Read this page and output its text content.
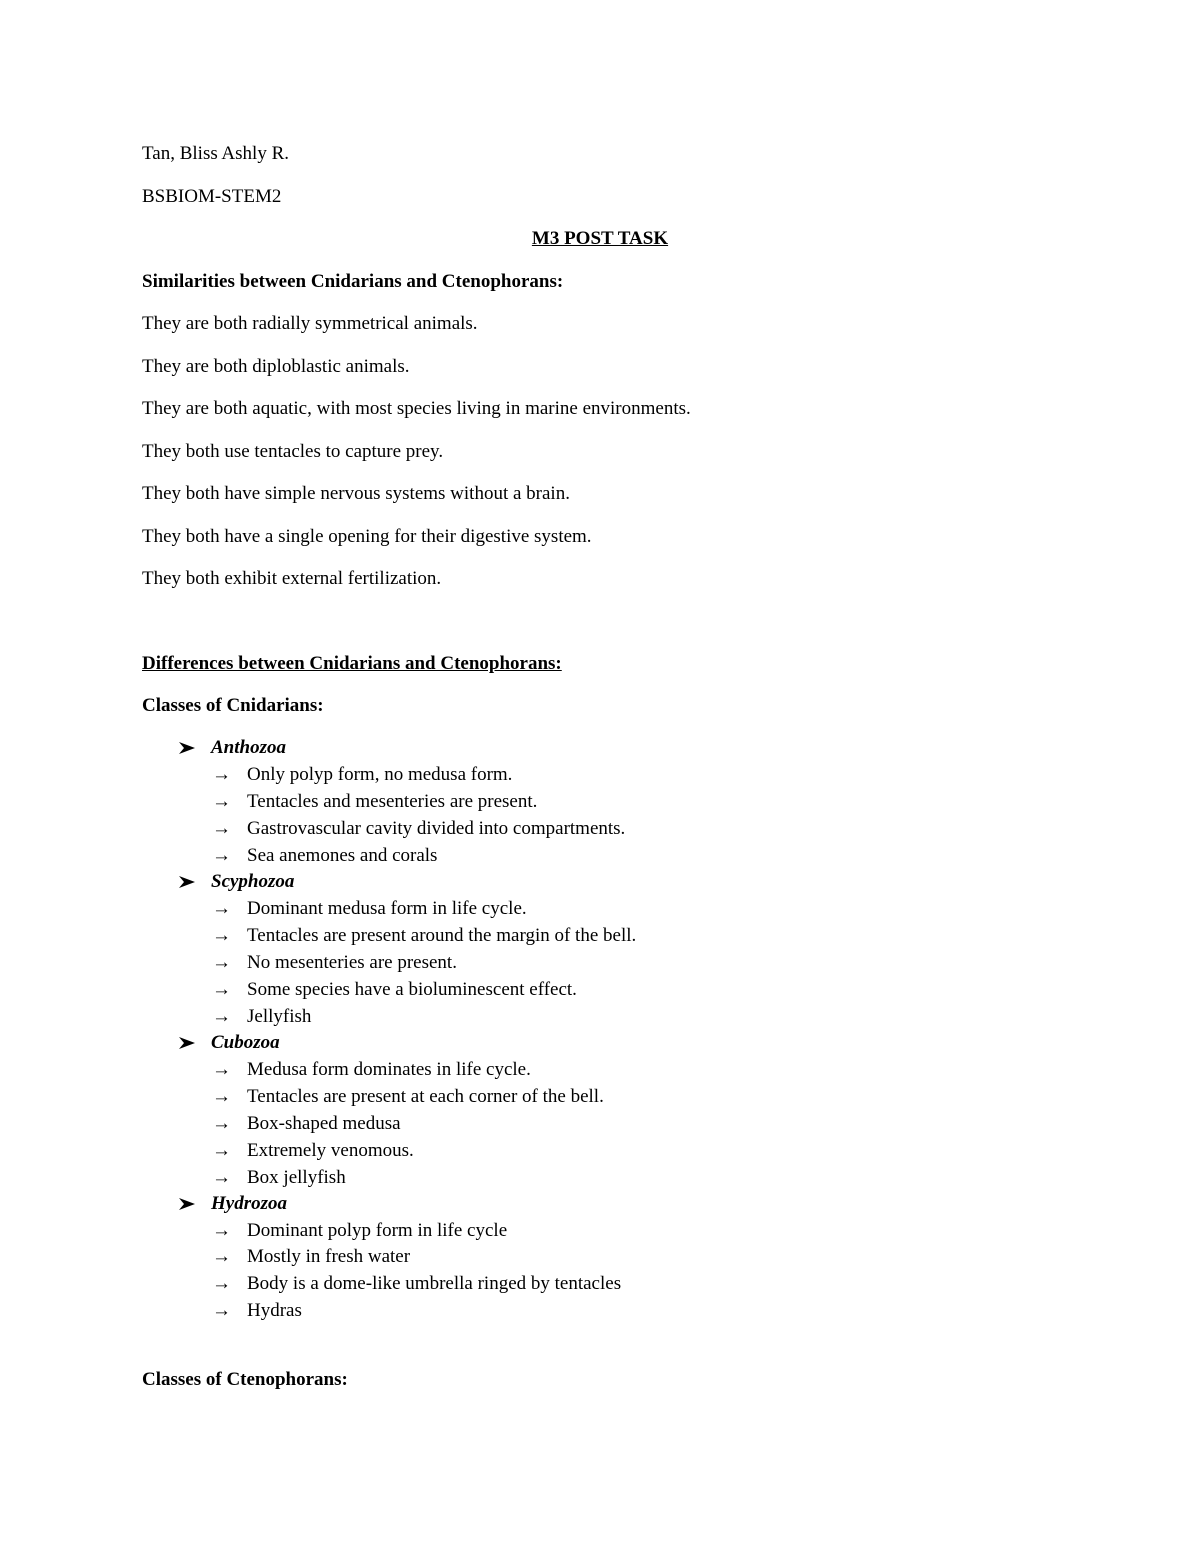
Tan, Bliss Ashly R.
BSBIOM-STEM2
M3 POST TASK
Similarities between Cnidarians and Ctenophorans:
They are both radially symmetrical animals.
They are both diploblastic animals.
They are both aquatic, with most species living in marine environments.
They both use tentacles to capture prey.
They both have simple nervous systems without a brain.
They both have a single opening for their digestive system.
They both exhibit external fertilization.
Differences between Cnidarians and Ctenophorans:
Classes of Cnidarians:
Anthozoa
→ Only polyp form, no medusa form.
→ Tentacles and mesenteries are present.
→ Gastrovascular cavity divided into compartments.
→ Sea anemones and corals
Scyphozoa
→ Dominant medusa form in life cycle.
→ Tentacles are present around the margin of the bell.
→ No mesenteries are present.
→ Some species have a bioluminescent effect.
→ Jellyfish
Cubozoa
→ Medusa form dominates in life cycle.
→ Tentacles are present at each corner of the bell.
→ Box-shaped medusa
→ Extremely venomous.
→ Box jellyfish
Hydrozoa
→ Dominant polyp form in life cycle
→ Mostly in fresh water
→ Body is a dome-like umbrella ringed by tentacles
→ Hydras
Classes of Ctenophorans:
